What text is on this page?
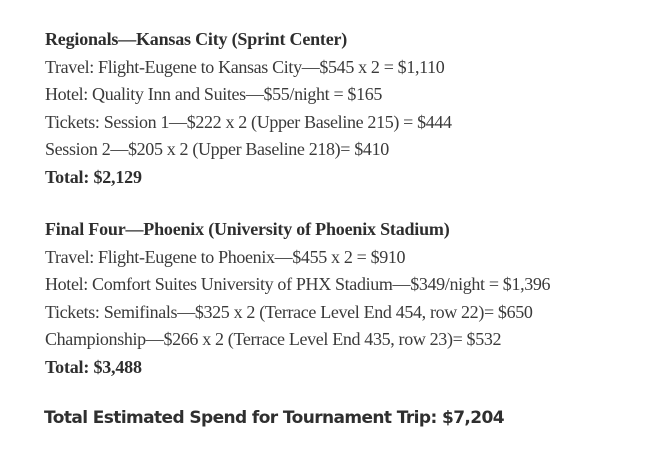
Regionals—Kansas City (Sprint Center)
Travel: Flight-Eugene to Kansas City—$545 x 2 = $1,110
Hotel: Quality Inn and Suites—$55/night = $165
Tickets: Session 1—$222 x 2 (Upper Baseline 215) = $444
Session 2—$205 x 2 (Upper Baseline 218)= $410
Total: $2,129
Final Four—Phoenix (University of Phoenix Stadium)
Travel: Flight-Eugene to Phoenix—$455 x 2 = $910
Hotel: Comfort Suites University of PHX Stadium—$349/night = $1,396
Tickets: Semifinals—$325 x 2 (Terrace Level End 454, row 22)= $650
Championship—$266 x 2 (Terrace Level End 435, row 23)= $532
Total: $3,488
Total Estimated Spend for Tournament Trip: $7,204
